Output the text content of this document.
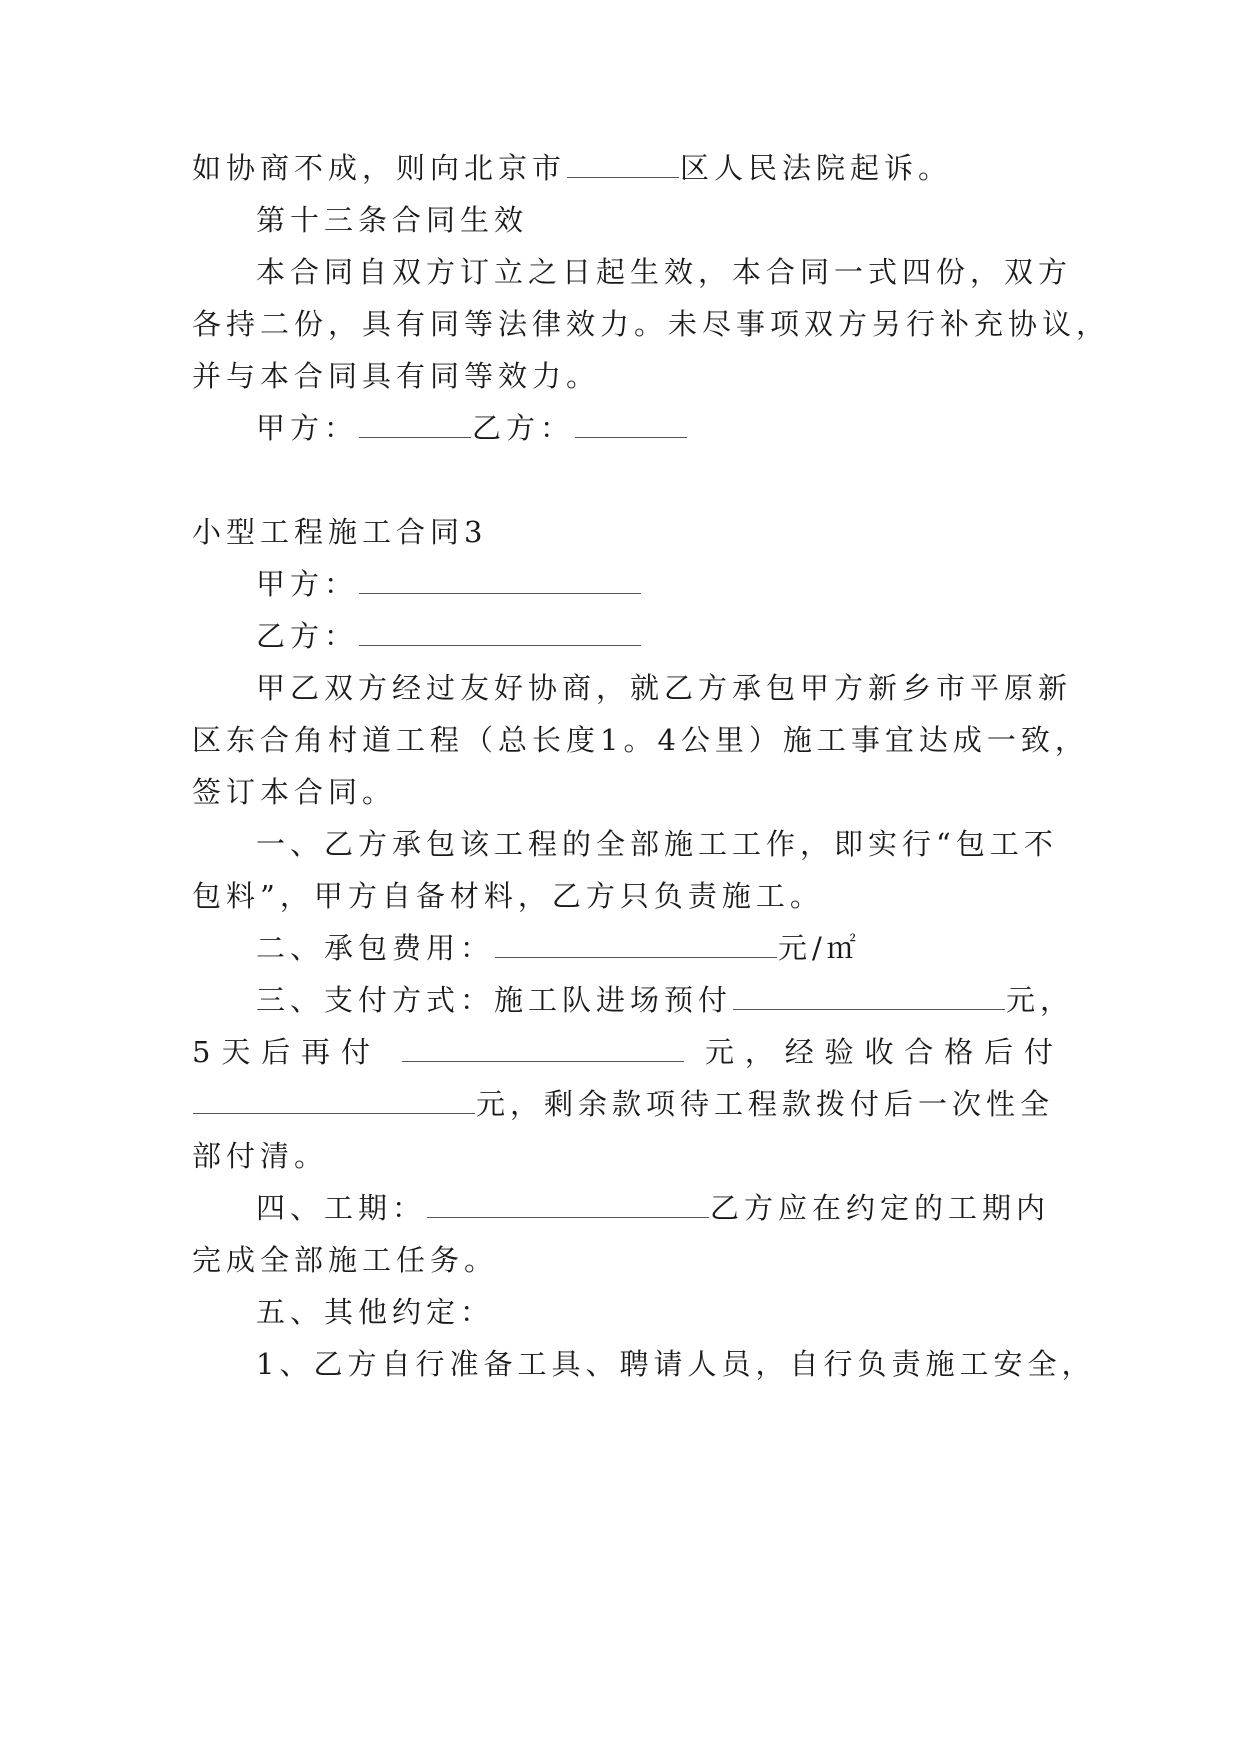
如协商不成，则向北京市	区人民法院起诉。
第十三条合同生效
本合同自双方订立之日起生效，本合同一式四份，双方
各持二份，具有同等法律效力。未尽事项双方另行补充协议，
并与本合同具有同等效力。
甲方：	乙方：
小型工程施工合同3
甲方：
乙方：
甲乙双方经过友好协商，就乙方承包甲方新乡市平原新
区东合角村道工程（总长度1。4公里）施工事宜达成一致，
签订本合同。
一、乙方承包该工程的全部施工工作，即实行“包工不
包料”，甲方自备材料，乙方只负责施工。
二、承包费用：	元/㎡
三、支付方式：施工队进场预付	元，
5天后再付	元，经验收合格后付
元，剩余款项待工程款拨付后一次性全
部付清。
四、工期：	乙方应在约定的工期内
完成全部施工任务。
五、其他约定：
1、乙方自行准备工具、聘请人员，自行负责施工安全，
